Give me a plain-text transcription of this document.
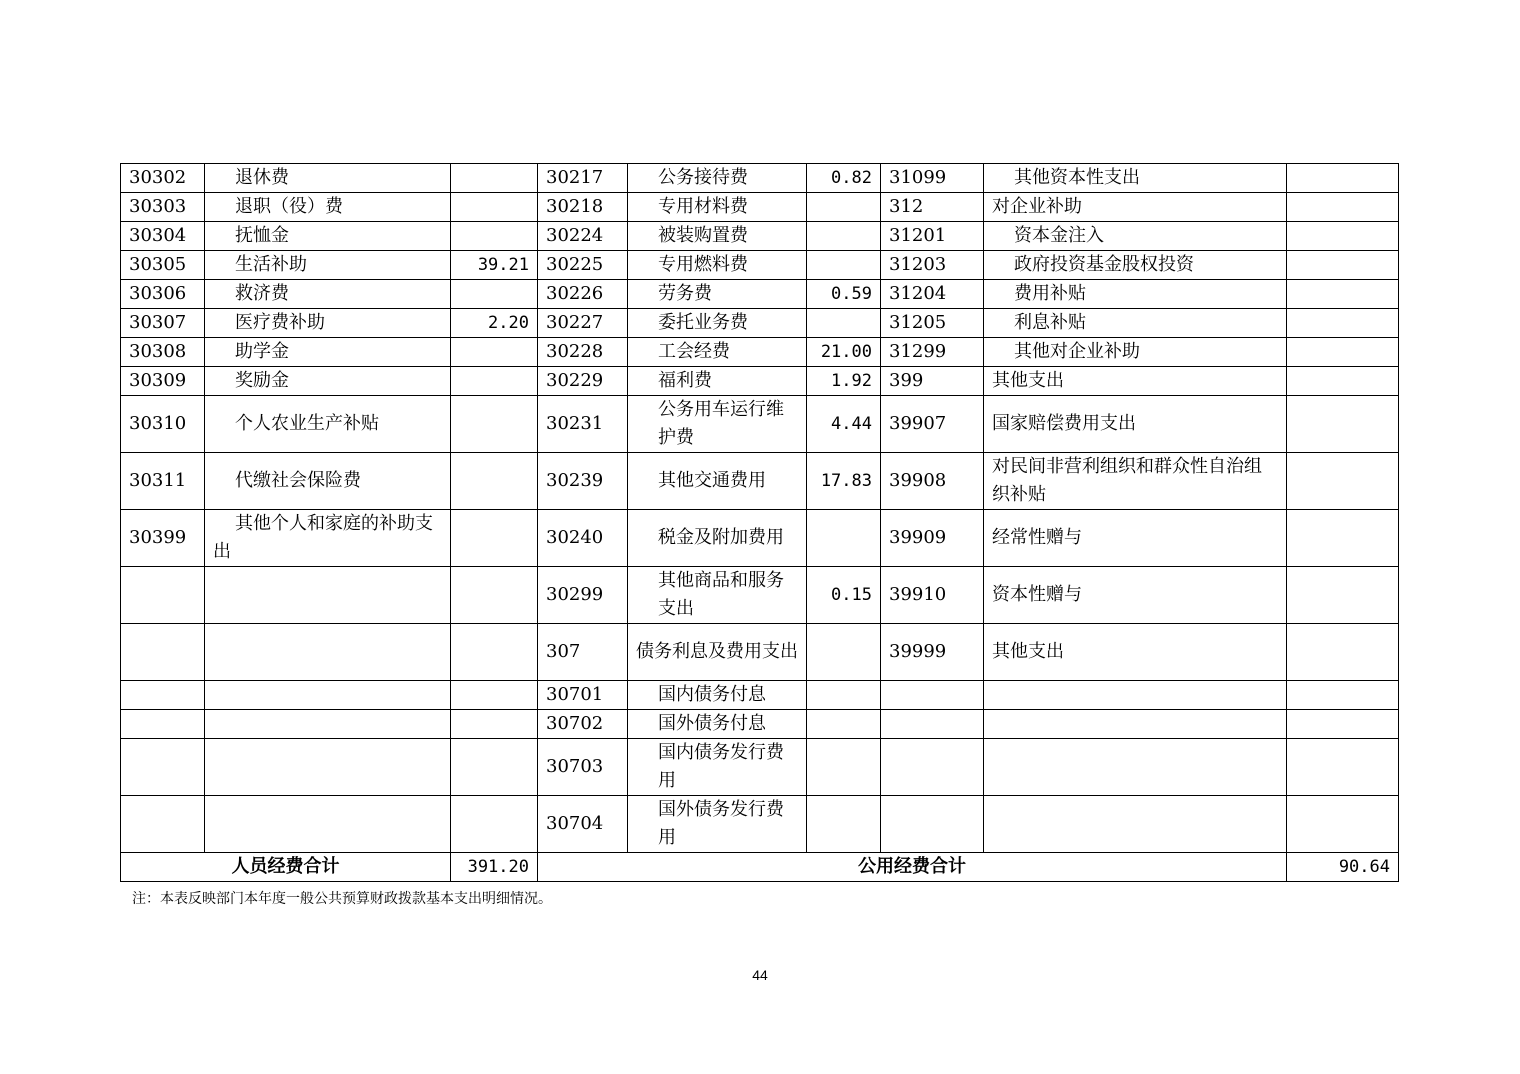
30302	退休费		30217	公务接待费	0.82	31099	其他资本性支出	
30303	退职（役）费		30218	专用材料费		312	对企业补助	
30304	抚恤金		30224	被装购置费		31201	资本金注入	
30305	生活补助	39.21	30225	专用燃料费		31203	政府投资基金股权投资	
30306	救济费		30226	劳务费	0.59	31204	费用补贴	
30307	医疗费补助	2.20	30227	委托业务费		31205	利息补贴	
30308	助学金		30228	工会经费	21.00	31299	其他对企业补助	
30309	奖励金		30229	福利费	1.92	399	其他支出	
30310	个人农业生产补贴		30231	公务用车运行维护费	4.44	39907	国家赔偿费用支出	
30311	代缴社会保险费		30239	其他交通费用	17.83	39908	对民间非营利组织和群众性自治组织补贴	
30399	其他个人和家庭的补助支出		30240	税金及附加费用		39909	经常性赠与	
			30299	其他商品和服务支出	0.15	39910	资本性赠与	
			307	债务利息及费用支出		39999	其他支出	
			30701	国内债务付息				
			30702	国外债务付息				
			30703	国内债务发行费用				
			30704	国外债务发行费用				
人员经费合计		391.20	公用经费合计					90.64
注：本表反映部门本年度一般公共预算财政拨款基本支出明细情况。
44
